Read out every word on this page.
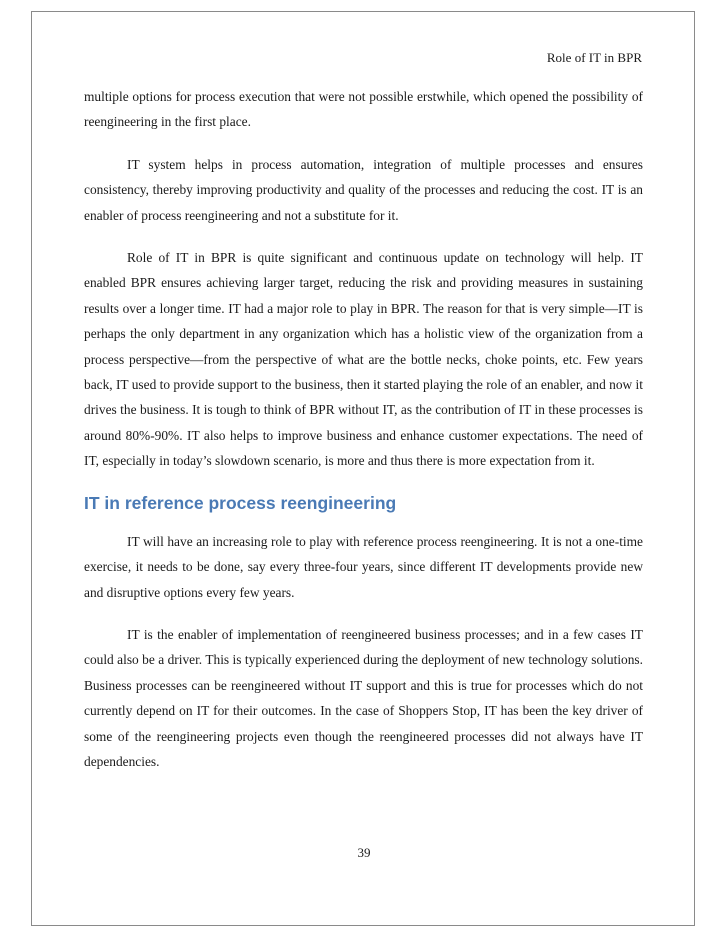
Role of IT in BPR

multiple options for process execution that were not possible erstwhile, which opened the possibility of reengineering in the first place.

IT system helps in process automation, integration of multiple processes and ensures consistency, thereby improving productivity and quality of the processes and reducing the cost. IT is an enabler of process reengineering and not a substitute for it.

Role of IT in BPR is quite significant and continuous update on technology will help. IT enabled BPR ensures achieving larger target, reducing the risk and providing measures in sustaining results over a longer time. IT had a major role to play in BPR. The reason for that is very simple—IT is perhaps the only department in any organization which has a holistic view of the organization from a process perspective—from the perspective of what are the bottle necks, choke points, etc. Few years back, IT used to provide support to the business, then it started playing the role of an enabler, and now it drives the business. It is tough to think of BPR without IT, as the contribution of IT in these processes is around 80%-90%. IT also helps to improve business and enhance customer expectations. The need of IT, especially in today’s slowdown scenario, is more and thus there is more expectation from it.

IT in reference process reengineering

IT will have an increasing role to play with reference process reengineering. It is not a one-time exercise, it needs to be done, say every three-four years, since different IT developments provide new and disruptive options every few years.

IT is the enabler of implementation of reengineered business processes; and in a few cases IT could also be a driver. This is typically experienced during the deployment of new technology solutions. Business processes can be reengineered without IT support and this is true for processes which do not currently depend on IT for their outcomes. In the case of Shoppers Stop, IT has been the key driver of some of the reengineering projects even though the reengineered processes did not always have IT dependencies.

39
